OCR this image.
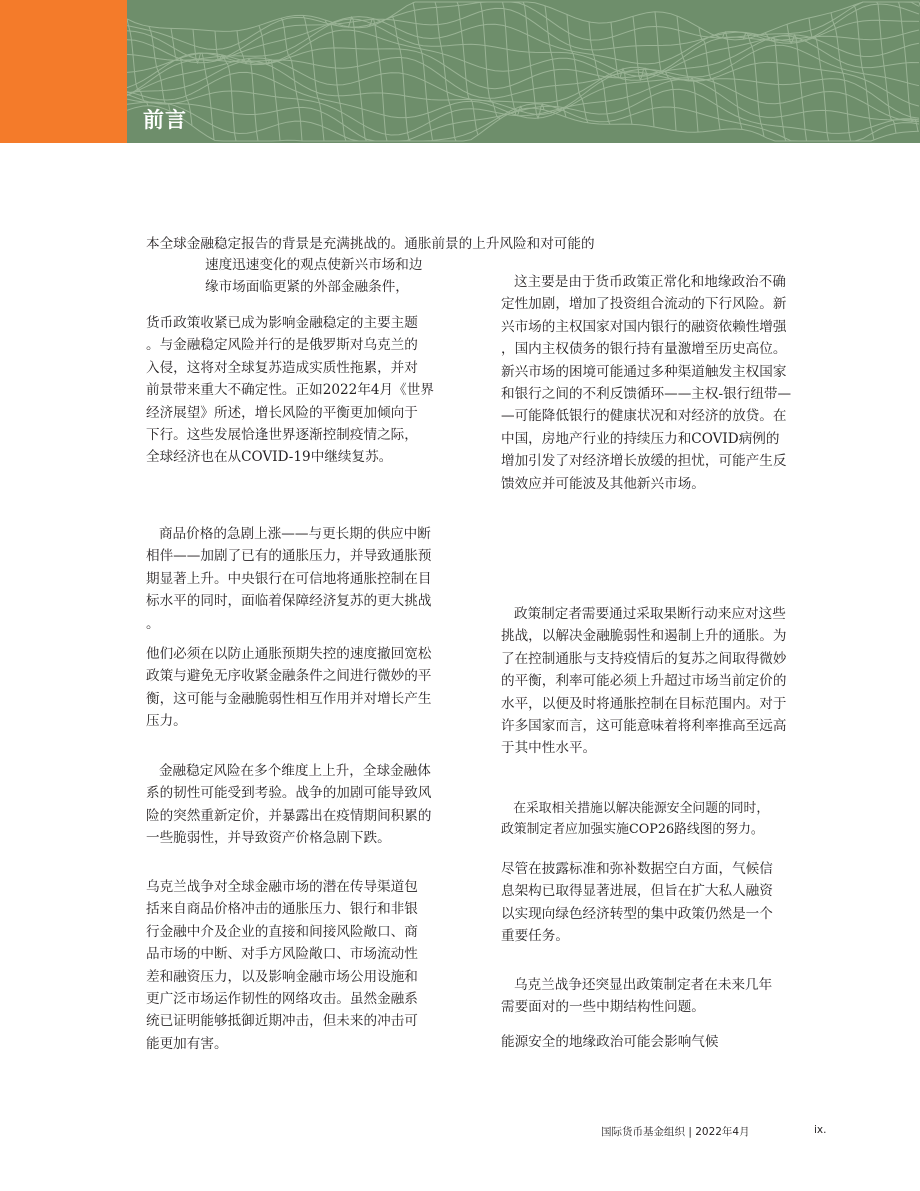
前言

本全球金融稳定报告的背景是充满挑战的。通胀前景的上升风险和对可能的

速度迅速变化的观点使新兴市场和边
缘市场面临更紧的外部金融条件，

货币政策收紧已成为影响金融稳定的主要主题
。与金融稳定风险并行的是俄罗斯对乌克兰的
入侵，这将对全球复苏造成实质性拖累，并对
前景带来重大不确定性。正如2022年4月《世界
经济展望》所述，增长风险的平衡更加倾向于
下行。这些发展恰逢世界逐渐控制疫情之际，
全球经济也在从COVID-19中继续复苏。

商品价格的急剧上涨——与更长期的供应中断
相伴——加剧了已有的通胀压力，并导致通胀预
期显著上升。中央银行在可信地将通胀控制在目
标水平的同时，面临着保障经济复苏的更大挑战
。

他们必须在以防止通胀预期失控的速度撤回宽松
政策与避免无序收紧金融条件之间进行微妙的平
衡，这可能与金融脆弱性相互作用并对增长产生
压力。

金融稳定风险在多个维度上上升，全球金融体
系的韧性可能受到考验。战争的加剧可能导致风
险的突然重新定价，并暴露出在疫情期间积累的
一些脆弱性，并导致资产价格急剧下跌。

乌克兰战争对全球金融市场的潜在传导渠道包
括来自商品价格冲击的通胀压力、银行和非银
行金融中介及企业的直接和间接风险敞口、商
品市场的中断、对手方风险敞口、市场流动性
差和融资压力，以及影响金融市场公用设施和
更广泛市场运作韧性的网络攻击。虽然金融系
统已证明能够抵御近期冲击，但未来的冲击可
能更加有害。

这主要是由于货币政策正常化和地缘政治不确
定性加剧，增加了投资组合流动的下行风险。新
兴市场的主权国家对国内银行的融资依赖性增强
，国内主权债务的银行持有量激增至历史高位。
新兴市场的困境可能通过多种渠道触发主权国家
和银行之间的不利反馈循环——主权-银行纽带—
—可能降低银行的健康状况和对经济的放贷。在
中国，房地产行业的持续压力和COVID病例的
增加引发了对经济增长放缓的担忧，可能产生反
馈效应并可能波及其他新兴市场。

政策制定者需要通过采取果断行动来应对这些
挑战，以解决金融脆弱性和遏制上升的通胀。为
了在控制通胀与支持疫情后的复苏之间取得微妙
的平衡，利率可能必须上升超过市场当前定价的
水平，以便及时将通胀控制在目标范围内。对于
许多国家而言，这可能意味着将利率推高至远高
于其中性水平。

在采取相关措施以解决能源安全问题的同时，
政策制定者应加强实施COP26路线图的努力。

尽管在披露标准和弥补数据空白方面，气候信
息架构已取得显著进展，但旨在扩大私人融资
以实现向绿色经济转型的集中政策仍然是一个
重要任务。

乌克兰战争还突显出政策制定者在未来几年
需要面对的一些中期结构性问题。

能源安全的地缘政治可能会影响气候

国际货币基金组织 | 2022年4月	ix.
